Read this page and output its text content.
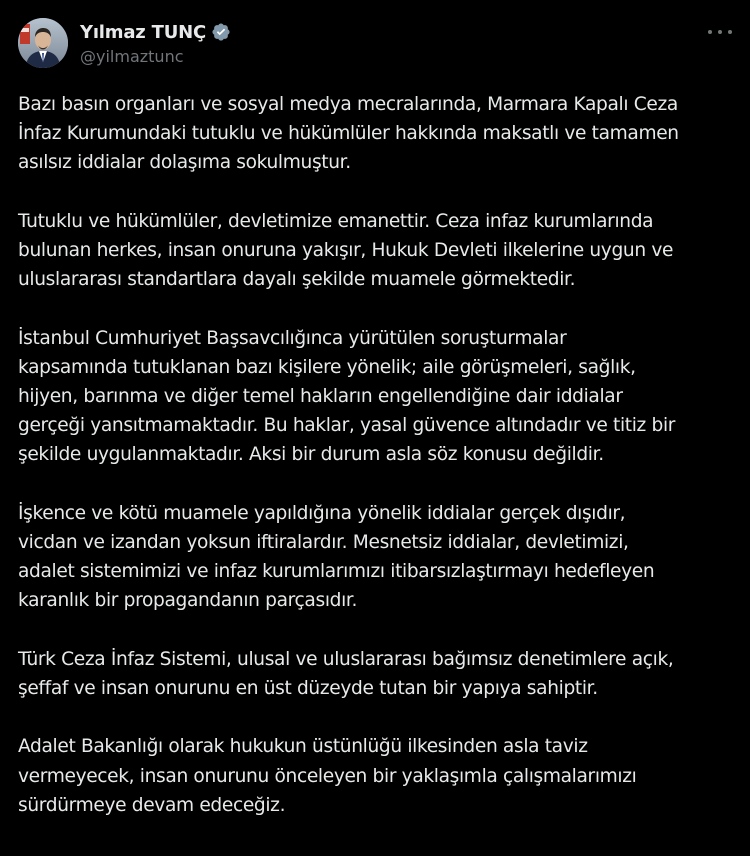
Yılmaz TUNÇ
@yilmaztunc

Bazı basın organları ve sosyal medya mecralarında, Marmara Kapalı Ceza
İnfaz Kurumundaki tutuklu ve hükümlüler hakkında maksatlı ve tamamen
asılsız iddialar dolaşıma sokulmuştur.

Tutuklu ve hükümlüler, devletimize emanettir. Ceza infaz kurumlarında
bulunan herkes, insan onuruna yakışır, Hukuk Devleti ilkelerine uygun ve
uluslararası standartlara dayalı şekilde muamele görmektedir.

İstanbul Cumhuriyet Başsavcılığınca yürütülen soruşturmalar
kapsamında tutuklanan bazı kişilere yönelik; aile görüşmeleri, sağlık,
hijyen, barınma ve diğer temel hakların engellendiğine dair iddialar
gerçeği yansıtmamaktadır. Bu haklar, yasal güvence altındadır ve titiz bir
şekilde uygulanmaktadır. Aksi bir durum asla söz konusu değildir.

İşkence ve kötü muamele yapıldığına yönelik iddialar gerçek dışıdır,
vicdan ve izandan yoksun iftiralardır. Mesnetsiz iddialar, devletimizi,
adalet sistemimizi ve infaz kurumlarımızı itibarsızlaştırmayı hedefleyen
karanlık bir propagandanın parçasıdır.

Türk Ceza İnfaz Sistemi, ulusal ve uluslararası bağımsız denetimlere açık,
şeffaf ve insan onurunu en üst düzeyde tutan bir yapıya sahiptir.

Adalet Bakanlığı olarak hukukun üstünlüğü ilkesinden asla taviz
vermeyecek, insan onurunu önceleyen bir yaklaşımla çalışmalarımızı
sürdürmeye devam edeceğiz.
